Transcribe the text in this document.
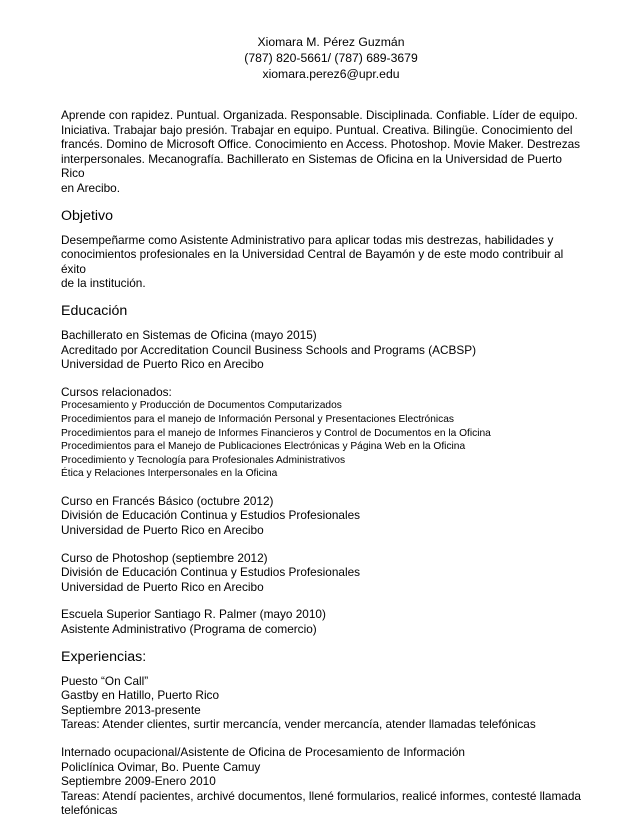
Xiomara M. Pérez Guzmán
(787) 820-5661/ (787) 689-3679
xiomara.perez6@upr.edu

Aprende con rapidez. Puntual. Organizada. Responsable. Disciplinada. Confiable. Líder de equipo.

Iniciativa. Trabajar bajo presión. Trabajar en equipo. Puntual. Creativa. Bilingüe. Conocimiento del

francés. Domino de Microsoft Office. Conocimiento en Access. Photoshop. Movie Maker. Destrezas

interpersonales. Mecanografía. Bachillerato en Sistemas de Oficina en la Universidad de Puerto Rico

en Arecibo.

Objetivo

Desempeñarme como Asistente Administrativo para aplicar todas mis destrezas, habilidades y

conocimientos profesionales en la Universidad Central de Bayamón y de este modo contribuir al éxito

de la institución.

Educación

Bachillerato en Sistemas de Oficina (mayo 2015)

Acreditado por Accreditation Council Business Schools and Programs (ACBSP)

Universidad de Puerto Rico en Arecibo

Cursos relacionados:

Procesamiento y Producción de Documentos Computarizados

Procedimientos para el manejo de Información Personal y Presentaciones Electrónicas

Procedimientos para el manejo de Informes Financieros y Control de Documentos en la Oficina

Procedimientos para el Manejo de Publicaciones Electrónicas y Página Web en la Oficina

Procedimiento y Tecnología para Profesionales Administrativos

Ética y Relaciones Interpersonales en la Oficina

Curso en Francés Básico (octubre 2012)

División de Educación Continua y Estudios Profesionales

Universidad de Puerto Rico en Arecibo

Curso de Photoshop (septiembre 2012)

División de Educación Continua y Estudios Profesionales

Universidad de Puerto Rico en Arecibo

Escuela Superior Santiago R. Palmer (mayo 2010)

Asistente Administrativo (Programa de comercio)

Experiencias:

Puesto “On Call”

Gastby en Hatillo, Puerto Rico

Septiembre 2013-presente

Tareas: Atender clientes, surtir mercancía, vender mercancía, atender llamadas telefónicas

Internado ocupacional/Asistente de Oficina de Procesamiento de Información

Policlínica Ovimar, Bo. Puente Camuy

Septiembre 2009-Enero 2010

Tareas: Atendí pacientes, archivé documentos, llené formularios, realicé informes, contesté llamada

telefónicas
